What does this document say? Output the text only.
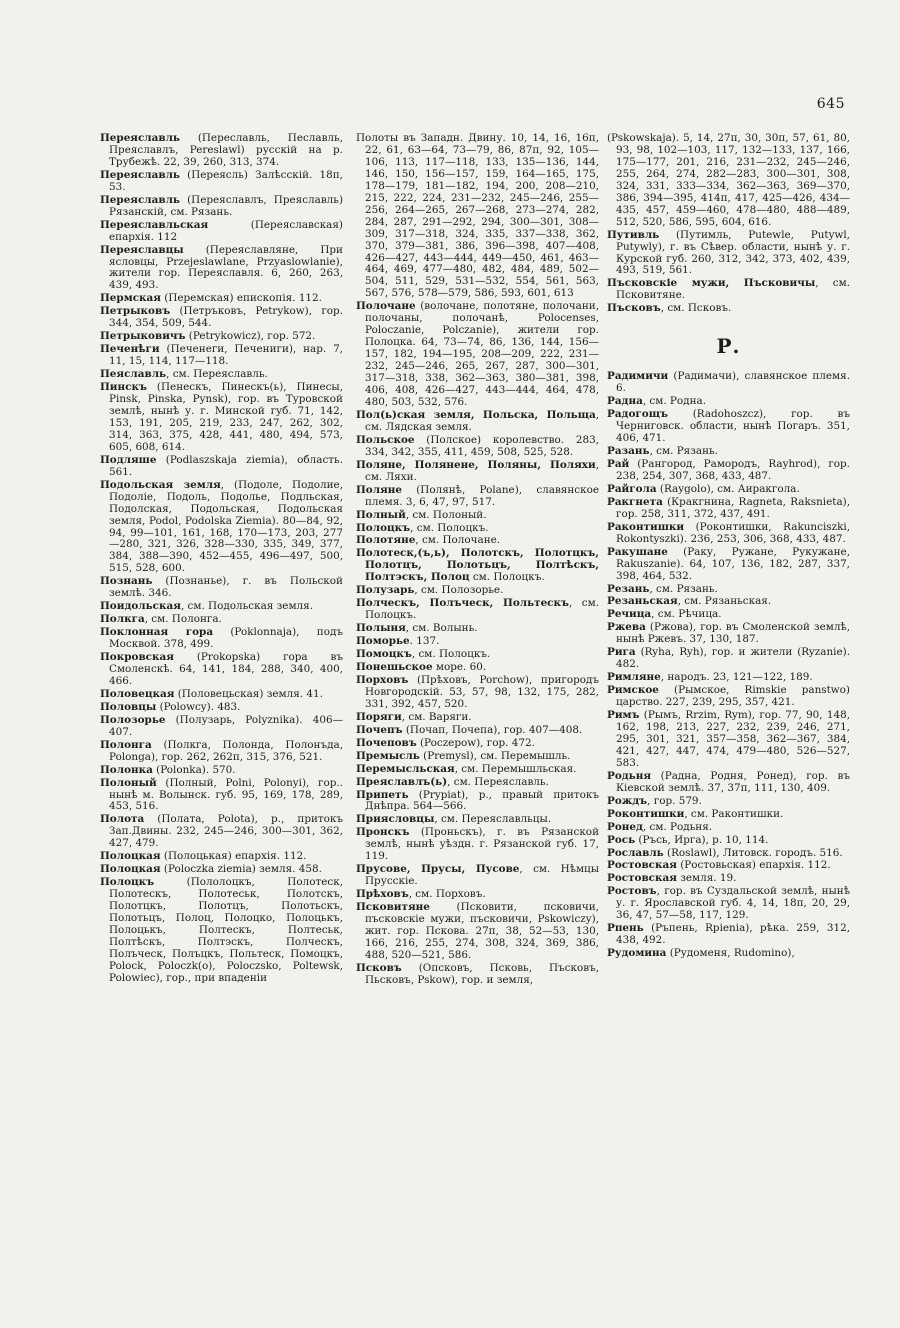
645

Переяславль (Переславль, Пеславль, Преяславлъ, Pereslawl) русскій на р. Трубежѣ. 22, 39, 260, 313, 374.

Переяславль (Переясль) Залѣсскій. 18п, 53.

Переяславль (Переяславлъ, Преяславль) Рязанскій, см. Рязань.

Переяславльская (Переяславская) епархія. 112

Переяславцы (Переяславляне, При ясловцы, Przejeslawlane, Przyaslowlanie), жители гор. Переяславля. 6, 260, 263, 439, 493.

Пермская (Перемская) епископія. 112.

Петрыковъ (Петръковъ, Petrykow), гор. 344, 354, 509, 544.

Петрыковичъ (Petrykowicz), гор. 572.

Печенѣги (Печенеги, Печениги), нар. 7, 11, 15, 114, 117—118.

Пеяславль, см. Переяславль.

Пинскъ (Пенескъ, Пинескъ(ь), Пинесы, Pinsk, Pinska, Pynsk), гор. въ Туровской землѣ, нынѣ у. г. Минской губ. 71, 142, 153, 191, 205, 219, 233, 247, 262, 302, 314, 363, 375, 428, 441, 480, 494, 573, 605, 608, 614.

Подляше (Podlaszskaja ziemia), область. 561.

Подольская земля, (Подоле, Подолие, Подоліе, Подоль, Подолье, Подльская, Подолская, Подольская, Подольская земля, Podol, Podolska Ziemia). 80—84, 92, 94, 99—101, 161, 168, 170—173, 203, 277—280, 321, 326, 328—330, 335, 349, 377, 384, 388—390, 452—455, 496—497, 500, 515, 528, 600.

Познань (Познанье), г. въ Польской землѣ. 346.

Поидольская, см. Подольская земля.

Полкга, см. Полонга.

Поклонная гора (Poklonnaja), подъ Москвой. 378, 499.

Покровская (Prokopska) гора въ Смоленскѣ. 64, 141, 184, 288, 340, 400, 466.

Половецкая (Половецьская) земля. 41.

Половцы (Polowcy). 483.

Полозорье (Полузарь, Polyznika). 406—407.

Полонга (Полкга, Полонда, Полонъда, Polonga), гор. 262, 262п, 315, 376, 521.

Полонка (Polonka). 570.

Полоный (Полный, Polni, Polonyi), гор.. нынѣ м. Волынск. губ. 95, 169, 178, 289, 453, 516.

Полота (Полата, Polota), р., притокъ Зап.Двины. 232, 245—246, 300—301, 362, 427, 479.

Полоцкая (Полоцькая) епархія. 112.

Полоцкая (Poloczka ziemia) земля. 458.

Полоцкъ (Пололоцкъ, Полотеск, Полотескъ, Полотеськ, Полотскъ, Полотцкъ, Полотцъ, Полотьскъ, Полотьцъ, Полоц, Полоцко, Полоцькъ, Полоцькъ, Полтескъ, Полтеськ, Полтѣскъ, Полтэскъ, Полческъ, Полъческ, Полъцкъ, Польтеск, Помоцкъ, Polock, Poloczk(o), Poloczsko, Poltewsk, Polowiec), гор., при впаденіи

Полоты въ Западн. Двину. 10, 14, 16, 16п, 22, 61, 63—64, 73—79, 86, 87п, 92, 105—106, 113, 117—118, 133, 135—136, 144, 146, 150, 156—157, 159, 164—165, 175, 178—179, 181—182, 194, 200, 208—210, 215, 222, 224, 231—232, 245—246, 255—256, 264—265, 267—268, 273—274, 282, 284, 287, 291—292, 294, 300—301, 308—309, 317—318, 324, 335, 337—338, 362, 370, 379—381, 386, 396—398, 407—408, 426—427, 443—444, 449—450, 461, 463—464, 469, 477—480, 482, 484, 489, 502—504, 511, 529, 531—532, 554, 561, 563, 567, 576, 578—579, 586, 593, 601, 613

Полочане (волочане, полотяне, полочани, полочаны, полочанѣ, Polocenses, Poloczanie, Polczanie), жители гор. Полоцка. 64, 73—74, 86, 136, 144, 156—157, 182, 194—195, 208—209, 222, 231—232, 245—246, 265, 267, 287, 300—301, 317—318, 338, 362—363, 380—381, 398, 406, 408, 426—427, 443—444, 464, 478, 480, 503, 532, 576.

Пол(ь)ская земля, Польска, Польща, см. Лядская земля.

Польское (Полское) королевство. 283, 334, 342, 355, 411, 459, 508, 525, 528.

Поляне, Полянене, Поляны, Поляхи, см. Ляхи.

Поляне (Полянѣ, Polane), славянское племя. 3, 6, 47, 97, 517.

Полный, см. Полоный.

Полоцкъ, см. Полоцкъ.

Полотяне, см. Полочане.

Полотеск,(ъ,ь), Полотскъ, Полотцкъ, Полотцъ, Полотьцъ, Полтѣскъ, Полтэскъ, Полоц см. Полоцкъ.

Полузарь, см. Полозорье.

Полческъ, Полъческ, Польтескъ, см. Полоцкъ.

Полыня, см. Волынь.

Поморье. 137.

Помоцкъ, см. Полоцкъ.

Понешьское море. 60.

Порховъ (Прѣховъ, Porchow), пригородъ Новгородскій. 53, 57, 98, 132, 175, 282, 331, 392, 457, 520.

Поряги, см. Варяги.

Почепъ (Почап, Почепа), гор. 407—408.

Почеповъ (Poczepow), гор. 472.

Премысль (Premysl), см. Перемышль.

Перемысльская, см. Перемышльская.

Преяславлъ(ь), см. Переяславль.

Припеть (Prypiat), р., правый притокъ Днѣпра. 564—566.

Приясловцы, см. Переяславльцы.

Пронскъ (Проньскъ), г. въ Рязанской землѣ, нынѣ уѣздн. г. Рязанской губ. 17, 119.

Прусове, Прусы, Пусове, см. Нѣмцы Прусскіе.

Прѣховъ, см. Порховъ.

Псковитяне (Псковити, псковичи, пъсковскіе мужи, пъсковичи, Pskowiczy), жит. гор. Пскова. 27п, 38, 52—53, 130, 166, 216, 255, 274, 308, 324, 369, 386, 488, 520—521, 586.

Псковъ (Опсковъ, Псковь, Пъсковъ, Пьсковъ, Pskow), гор. и земля,

(Pskowskaja). 5, 14, 27п, 30, 30п, 57, 61, 80, 93, 98, 102—103, 117, 132—133, 137, 166, 175—177, 201, 216, 231—232, 245—246, 255, 264, 274, 282—283, 300—301, 308, 324, 331, 333—334, 362—363, 369—370, 386, 394—395, 414п, 417, 425—426, 434—435, 457, 459—460, 478—480, 488—489, 512, 520, 586, 595, 604, 616.

Путивль (Путимль, Putewle, Putywl, Putywly), г. въ Сѣвер. области, нынѣ у. г. Курской губ. 260, 312, 342, 373, 402, 439, 493, 519, 561.

Пъсковскіе мужи, Пъсковичы, см. Псковитяне.

Пъсковъ, см. Псковъ.

Р.

Радимичи (Радимачи), славянское племя. 6.

Радна, см. Родна.

Радогощъ (Radohoszcz), гор. въ Черниговск. области, нынѣ Погаръ. 351, 406, 471.

Разань, см. Рязань.

Рай (Рангород, Рамородъ, Rayhrod), гор. 238, 254, 307, 368, 433, 487.

Райгола (Raygolo), см. Аиракгола.

Ракгнета (Кракгнина, Ragneta, Raksnieta), гор. 258, 311, 372, 437, 491.

Раконтишки (Роконтишки, Rakunciszki, Rokontyszki). 236, 253, 306, 368, 433, 487.

Ракушане (Раку, Ружане, Рукужане, Rakuszanie). 64, 107, 136, 182, 287, 337, 398, 464, 532.

Резань, см. Рязань.

Резаньская, см. Рязаньская.

Речица, см. Рѣчица.

Ржева (Ржова), гор. въ Смоленской землѣ, нынѣ Ржевъ. 37, 130, 187.

Рига (Ryha, Ryh), гор. и жители (Ryzanie). 482.

Римляне, народъ. 23, 121—122, 189.

Римское (Рымское, Rimskie panstwo) царство. 227, 239, 295, 357, 421.

Римъ (Рымъ, Rrzim, Rym), гор. 77, 90, 148, 162, 198, 213, 227, 232, 239, 246, 271, 295, 301, 321, 357—358, 362—367, 384, 421, 427, 447, 474, 479—480, 526—527, 583.

Родьня (Радна, Родня, Ронед), гор. въ Кіевской землѣ. 37, 37п, 111, 130, 409.

Рождъ, гор. 579.

Роконтишки, см. Раконтишки.

Ронед, см. Родьня.

Рось (Ръсь, Ирга), р. 10, 114.

Рославль (Roslawl), Литовск. городъ. 516.

Ростовская (Ростовьская) епархія. 112.

Ростовская земля. 19.

Ростовъ, гор. въ Суздальской землѣ, нынѣ у. г. Ярославской губ. 4, 14, 18п, 20, 29, 36, 47, 57—58, 117, 129.

Рпень (Ръпень, Rpienia), рѣка. 259, 312, 438, 492.

Рудомина (Рудоменя, Rudomino),
